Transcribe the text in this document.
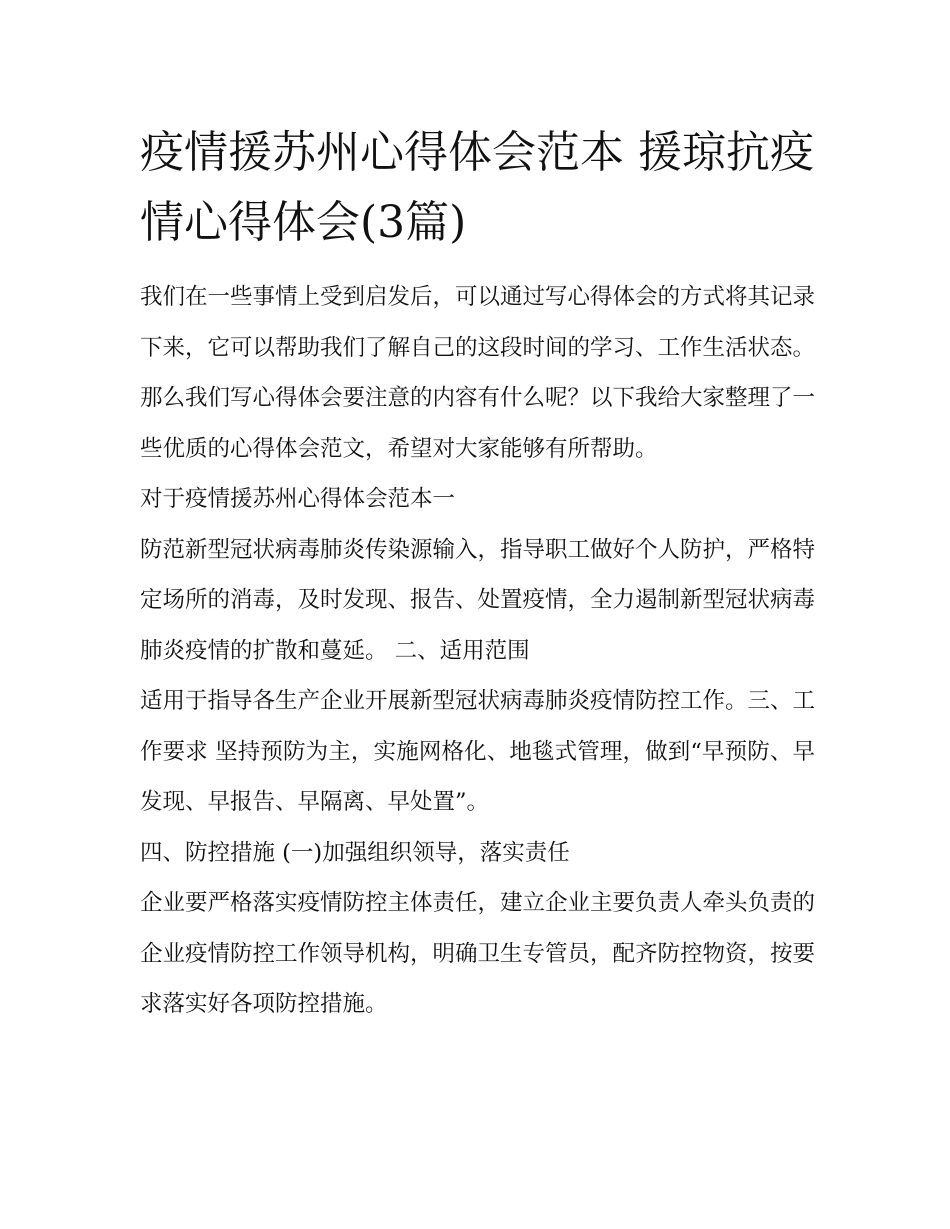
疫情援苏州心得体会范本 援琼抗疫情心得体会(3篇)

我们在一些事情上受到启发后，可以通过写心得体会的方式将其记录下来，它可以帮助我们了解自己的这段时间的学习、工作生活状态。那么我们写心得体会要注意的内容有什么呢？以下我给大家整理了一些优质的心得体会范文，希望对大家能够有所帮助。

对于疫情援苏州心得体会范本一

防范新型冠状病毒肺炎传染源输入，指导职工做好个人防护，严格特定场所的消毒，及时发现、报告、处置疫情，全力遏制新型冠状病毒肺炎疫情的扩散和蔓延。 二、适用范围

适用于指导各生产企业开展新型冠状病毒肺炎疫情防控工作。三、工作要求 坚持预防为主，实施网格化、地毯式管理，做到“早预防、早发现、早报告、早隔离、早处置”。

四、防控措施 (一)加强组织领导，落实责任

企业要严格落实疫情防控主体责任，建立企业主要负责人牵头负责的企业疫情防控工作领导机构，明确卫生专管员，配齐防控物资，按要求落实好各项防控措施。
